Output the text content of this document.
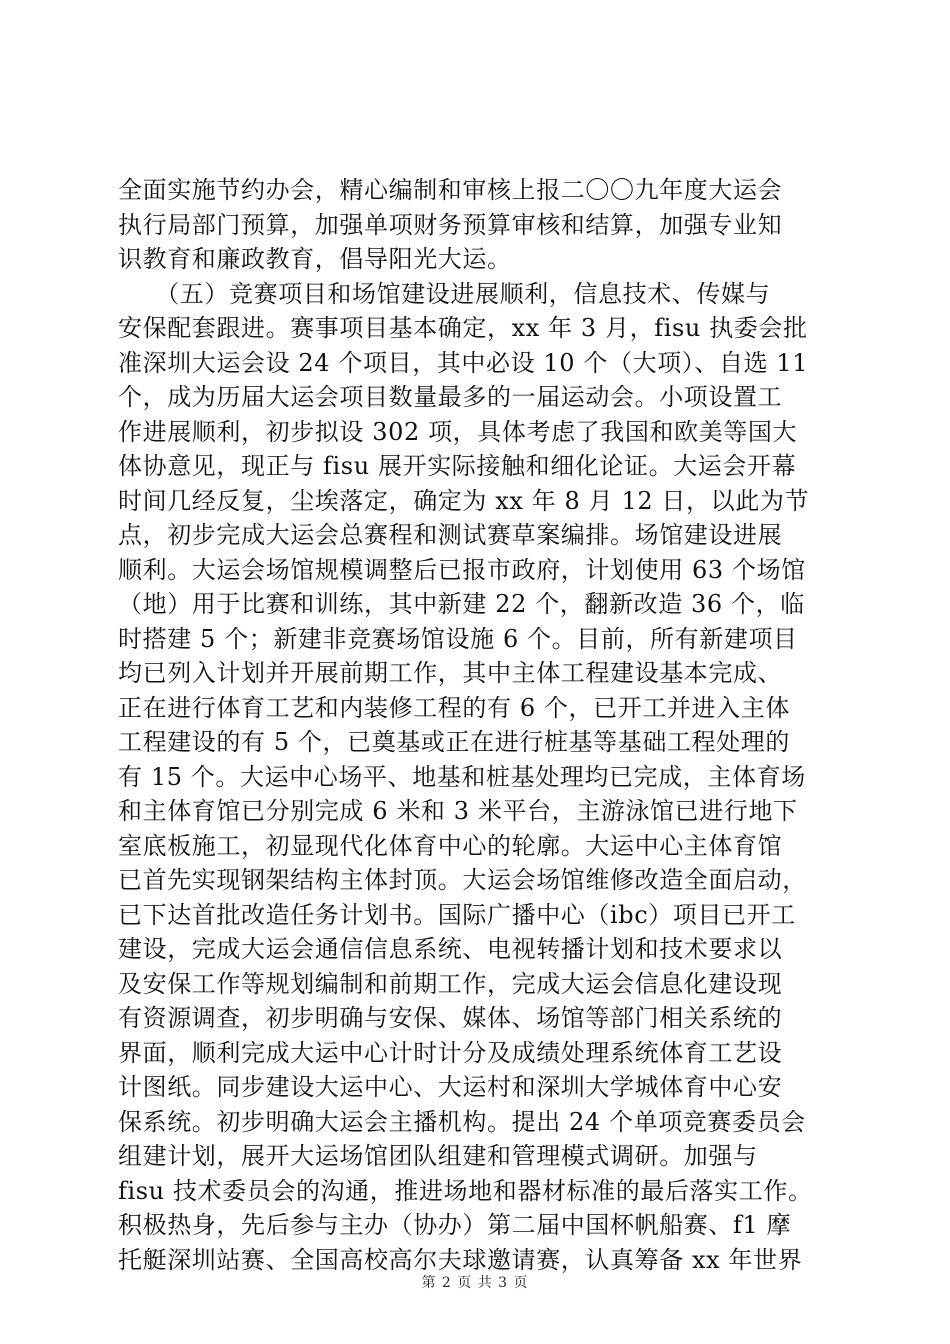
全面实施节约办会，精心编制和审核上报二〇〇九年度大运会
执行局部门预算，加强单项财务预算审核和结算，加强专业知
识教育和廉政教育，倡导阳光大运。
　　（五）竞赛项目和场馆建设进展顺利，信息技术、传媒与
安保配套跟进。赛事项目基本确定，xx 年 3 月，fisu 执委会批
准深圳大运会设 24 个项目，其中必设 10 个（大项）、自选 11
个，成为历届大运会项目数量最多的一届运动会。小项设置工
作进展顺利，初步拟设 302 项，具体考虑了我国和欧美等国大
体协意见，现正与 fisu 展开实际接触和细化论证。大运会开幕
时间几经反复，尘埃落定，确定为 xx 年 8 月 12 日，以此为节
点，初步完成大运会总赛程和测试赛草案编排。场馆建设进展
顺利。大运会场馆规模调整后已报市政府，计划使用 63 个场馆
（地）用于比赛和训练，其中新建 22 个，翻新改造 36 个，临
时搭建 5 个；新建非竞赛场馆设施 6 个。目前，所有新建项目
均已列入计划并开展前期工作，其中主体工程建设基本完成、
正在进行体育工艺和内装修工程的有 6 个，已开工并进入主体
工程建设的有 5 个，已奠基或正在进行桩基等基础工程处理的
有 15 个。大运中心场平、地基和桩基处理均已完成，主体育场
和主体育馆已分别完成 6 米和 3 米平台，主游泳馆已进行地下
室底板施工，初显现代化体育中心的轮廓。大运中心主体育馆
已首先实现钢架结构主体封顶。大运会场馆维修改造全面启动，
已下达首批改造任务计划书。国际广播中心（ibc）项目已开工
建设，完成大运会通信信息系统、电视转播计划和技术要求以
及安保工作等规划编制和前期工作，完成大运会信息化建设现
有资源调查，初步明确与安保、媒体、场馆等部门相关系统的
界面，顺利完成大运中心计时计分及成绩处理系统体育工艺设
计图纸。同步建设大运中心、大运村和深圳大学城体育中心安
保系统。初步明确大运会主播机构。提出 24 个单项竞赛委员会
组建计划，展开大运场馆团队组建和管理模式调研。加强与
fisu 技术委员会的沟通，推进场地和器材标准的最后落实工作。
积极热身，先后参与主办（协办）第二届中国杯帆船赛、f1 摩
托艇深圳站赛、全国高校高尔夫球邀请赛，认真筹备 xx 年世界
第 2 页 共 3 页
